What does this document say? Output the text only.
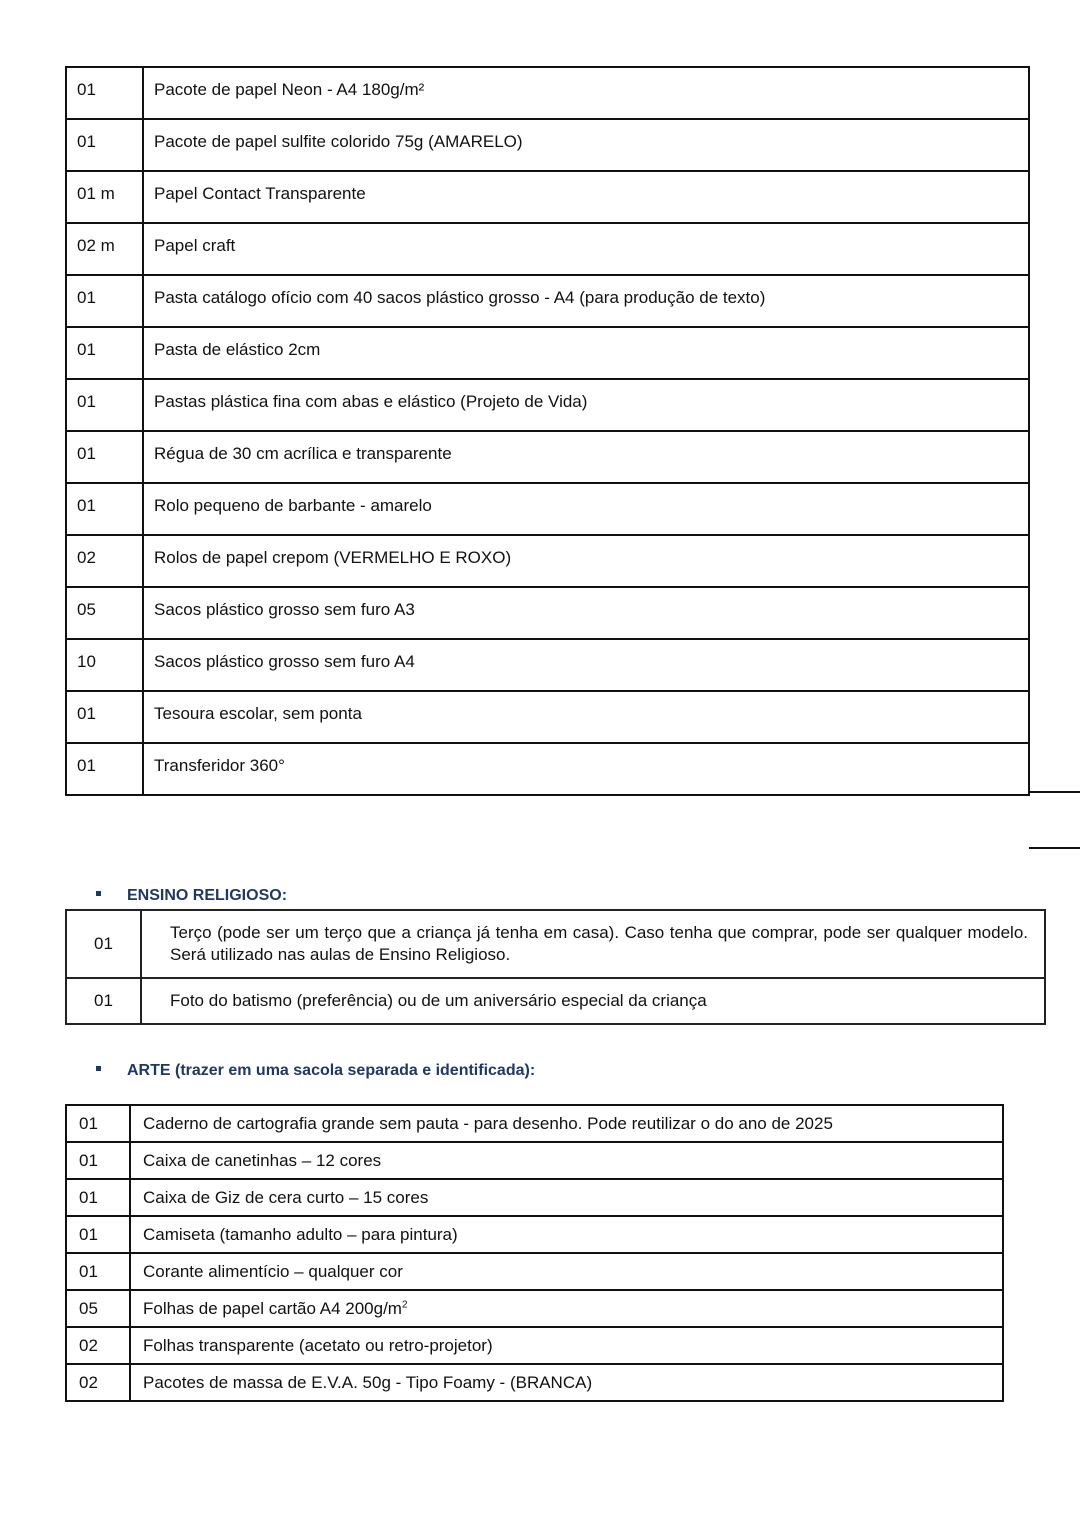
01	Pacote de papel Neon - A4 180g/m²
01	Pacote de papel sulfite colorido 75g (AMARELO)
01 m	Papel Contact Transparente
02 m	Papel craft
01	Pasta catálogo ofício com 40 sacos plástico grosso - A4 (para produção de texto)
01	Pasta de elástico 2cm
01	Pastas plástica fina com abas e elástico (Projeto de Vida)
01	Régua de 30 cm acrílica e transparente
01	Rolo pequeno de barbante - amarelo
02	Rolos de papel crepom (VERMELHO E ROXO)
05	Sacos plástico grosso sem furo A3
10	Sacos plástico grosso sem furo A4
01	Tesoura escolar, sem ponta
01	Transferidor 360°
ENSINO RELIGIOSO:
01	Terço (pode ser um terço que a criança já tenha em casa). Caso tenha que comprar, pode ser qualquer modelo. Será utilizado nas aulas de Ensino Religioso.
01	Foto do batismo (preferência) ou de um aniversário especial da criança
ARTE (trazer em uma sacola separada e identificada):
01	Caderno de cartografia grande sem pauta - para desenho. Pode reutilizar o do ano de 2025
01	Caixa de canetinhas – 12 cores
01	Caixa de Giz de cera curto – 15 cores
01	Camiseta (tamanho adulto – para pintura)
01	Corante alimentício – qualquer cor
05	Folhas de papel cartão A4 $200g/m^2$
02	Folhas transparente (acetato ou retro-projetor)
02	Pacotes de massa de E.V.A. 50g - Tipo Foamy - (BRANCA)
